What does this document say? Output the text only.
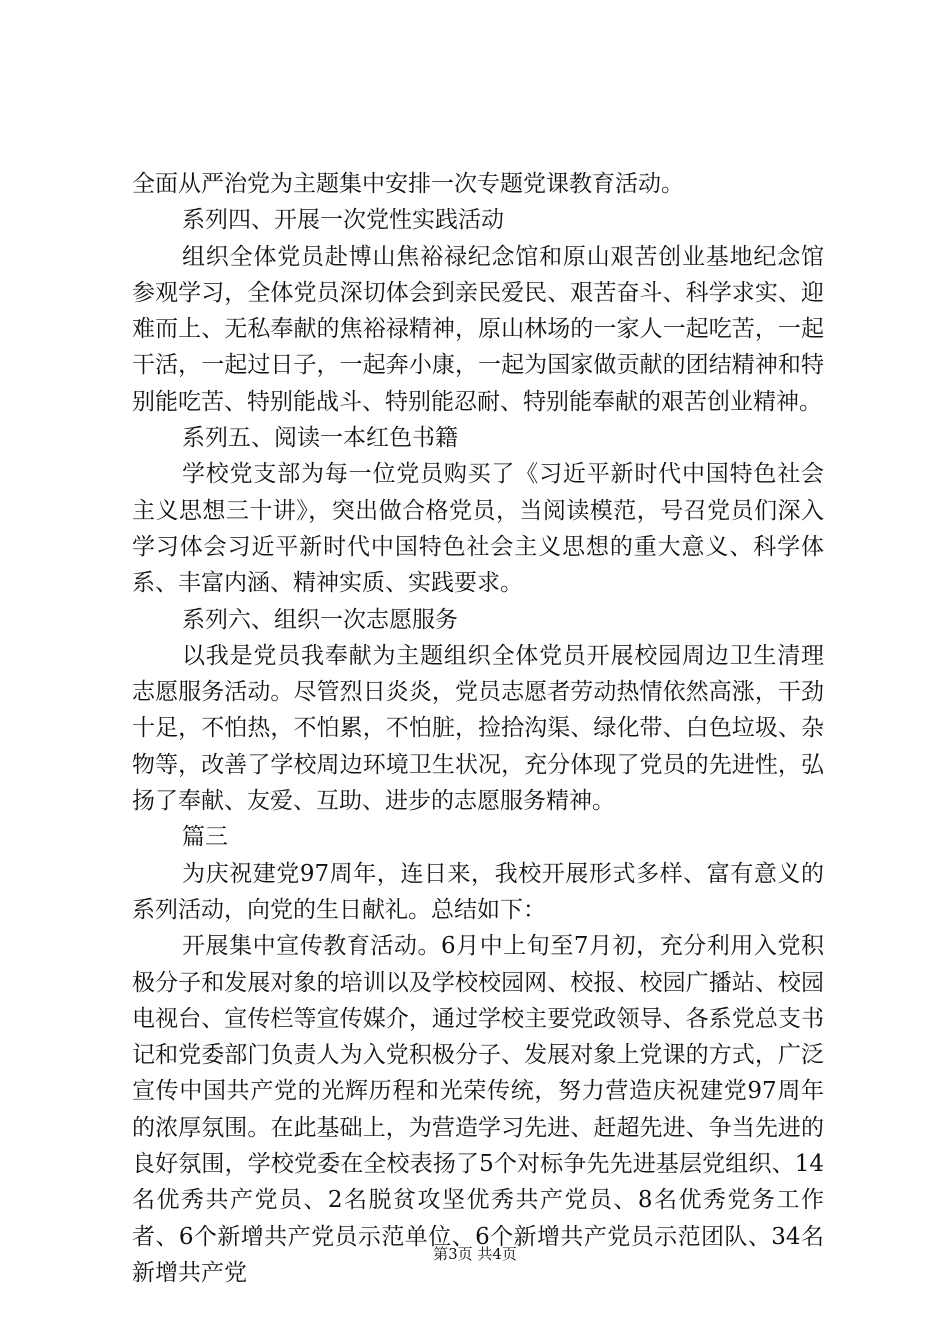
全面从严治党为主题集中安排一次专题党课教育活动。

系列四、开展一次党性实践活动

组织全体党员赴博山焦裕禄纪念馆和原山艰苦创业基地纪念馆参观学习，全体党员深切体会到亲民爱民、艰苦奋斗、科学求实、迎难而上、无私奉献的焦裕禄精神，原山林场的一家人一起吃苦，一起干活，一起过日子，一起奔小康，一起为国家做贡献的团结精神和特别能吃苦、特别能战斗、特别能忍耐、特别能奉献的艰苦创业精神。

系列五、阅读一本红色书籍

学校党支部为每一位党员购买了《习近平新时代中国特色社会主义思想三十讲》，突出做合格党员，当阅读模范，号召党员们深入学习体会习近平新时代中国特色社会主义思想的重大意义、科学体系、丰富内涵、精神实质、实践要求。

系列六、组织一次志愿服务

以我是党员我奉献为主题组织全体党员开展校园周边卫生清理志愿服务活动。尽管烈日炎炎，党员志愿者劳动热情依然高涨，干劲十足，不怕热，不怕累，不怕脏，捡拾沟渠、绿化带、白色垃圾、杂物等，改善了学校周边环境卫生状况，充分体现了党员的先进性，弘扬了奉献、友爱、互助、进步的志愿服务精神。

篇三

为庆祝建党97周年，连日来，我校开展形式多样、富有意义的系列活动，向党的生日献礼。总结如下：

开展集中宣传教育活动。6月中上旬至7月初，充分利用入党积极分子和发展对象的培训以及学校校园网、校报、校园广播站、校园电视台、宣传栏等宣传媒介，通过学校主要党政领导、各系党总支书记和党委部门负责人为入党积极分子、发展对象上党课的方式，广泛宣传中国共产党的光辉历程和光荣传统，努力营造庆祝建党97周年的浓厚氛围。在此基础上，为营造学习先进、赶超先进、争当先进的良好氛围，学校党委在全校表扬了5个对标争先先进基层党组织、14名优秀共产党员、2名脱贫攻坚优秀共产党员、8名优秀党务工作者、6个新增共产党员示范单位、6个新增共产党员示范团队、34名新增共产党

第3页 共4页
